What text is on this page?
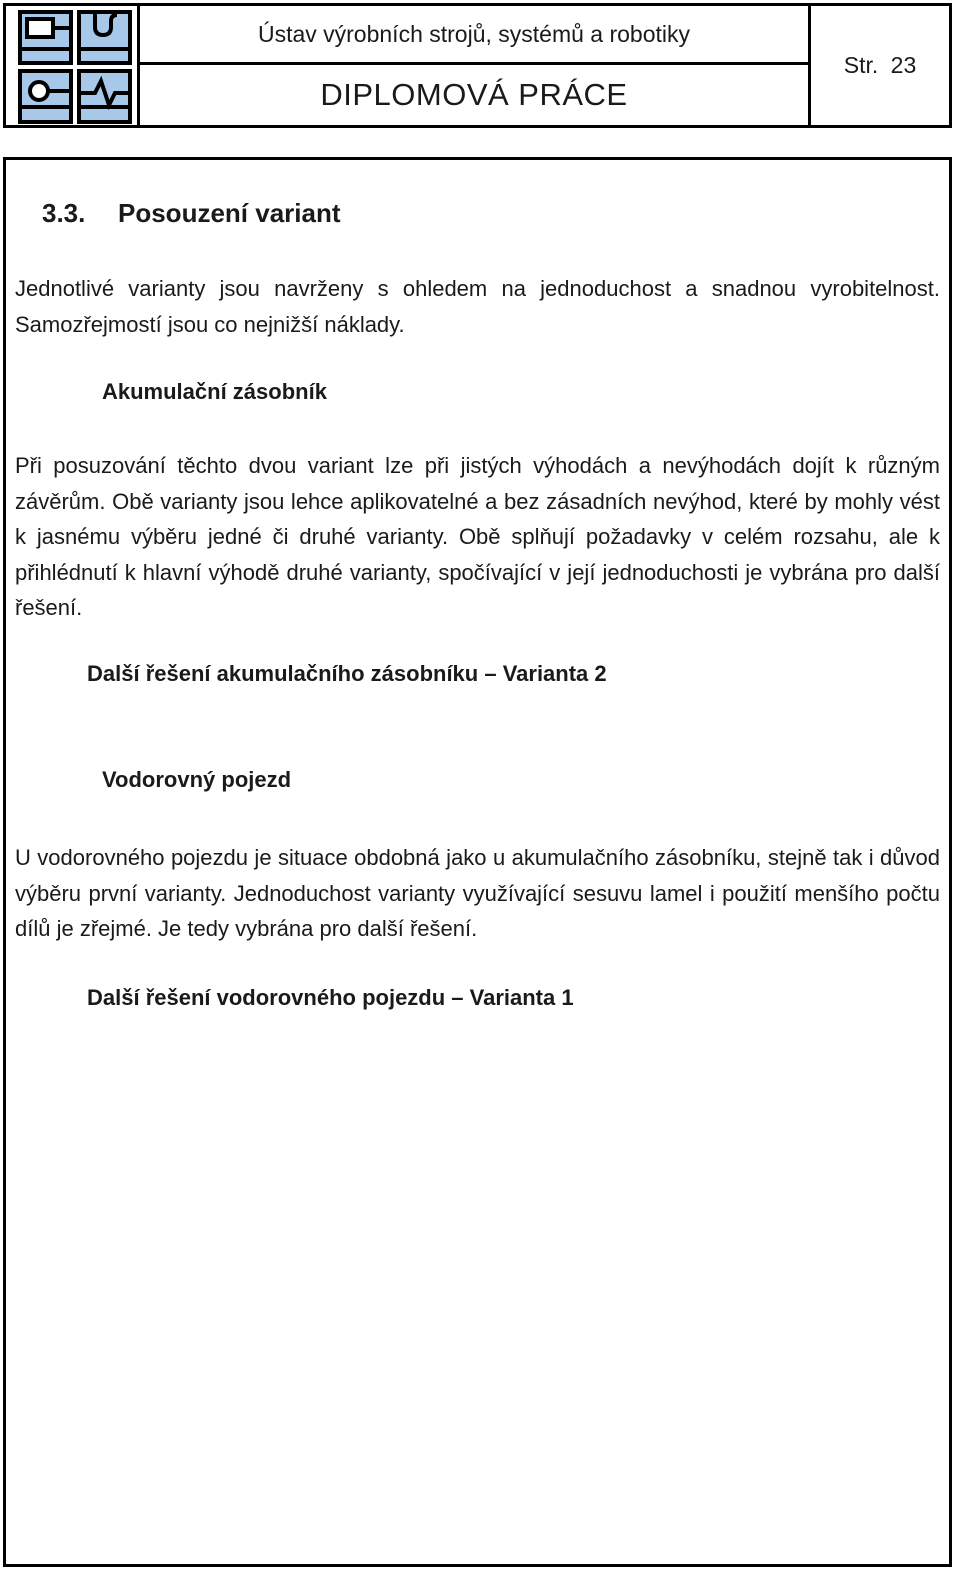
Ústav výrobních strojů, systémů a robotiky
DIPLOMOVÁ PRÁCE
Str. 23
3.3. Posouzení variant
Jednotlivé varianty jsou navrženy s ohledem na jednoduchost a snadnou vyrobitelnost. Samozřejmostí jsou co nejnižší náklady.
Akumulační zásobník
Při posuzování těchto dvou variant lze při jistých výhodách a nevýhodách dojít k různým závěrům. Obě varianty jsou lehce aplikovatelné a bez zásadních nevýhod, které by mohly vést k jasnému výběru jedné či druhé varianty. Obě splňují požadavky v celém rozsahu, ale k přihlédnutí k hlavní výhodě druhé varianty, spočívající v její jednoduchosti je vybrána pro další řešení.
Další řešení akumulačního zásobníku – Varianta 2
Vodorovný pojezd
U vodorovného pojezdu je situace obdobná jako u akumulačního zásobníku, stejně tak i důvod výběru první varianty. Jednoduchost varianty využívající sesuvu lamel i použití menšího počtu dílů je zřejmé. Je tedy vybrána pro další řešení.
Další řešení vodorovného pojezdu – Varianta 1
